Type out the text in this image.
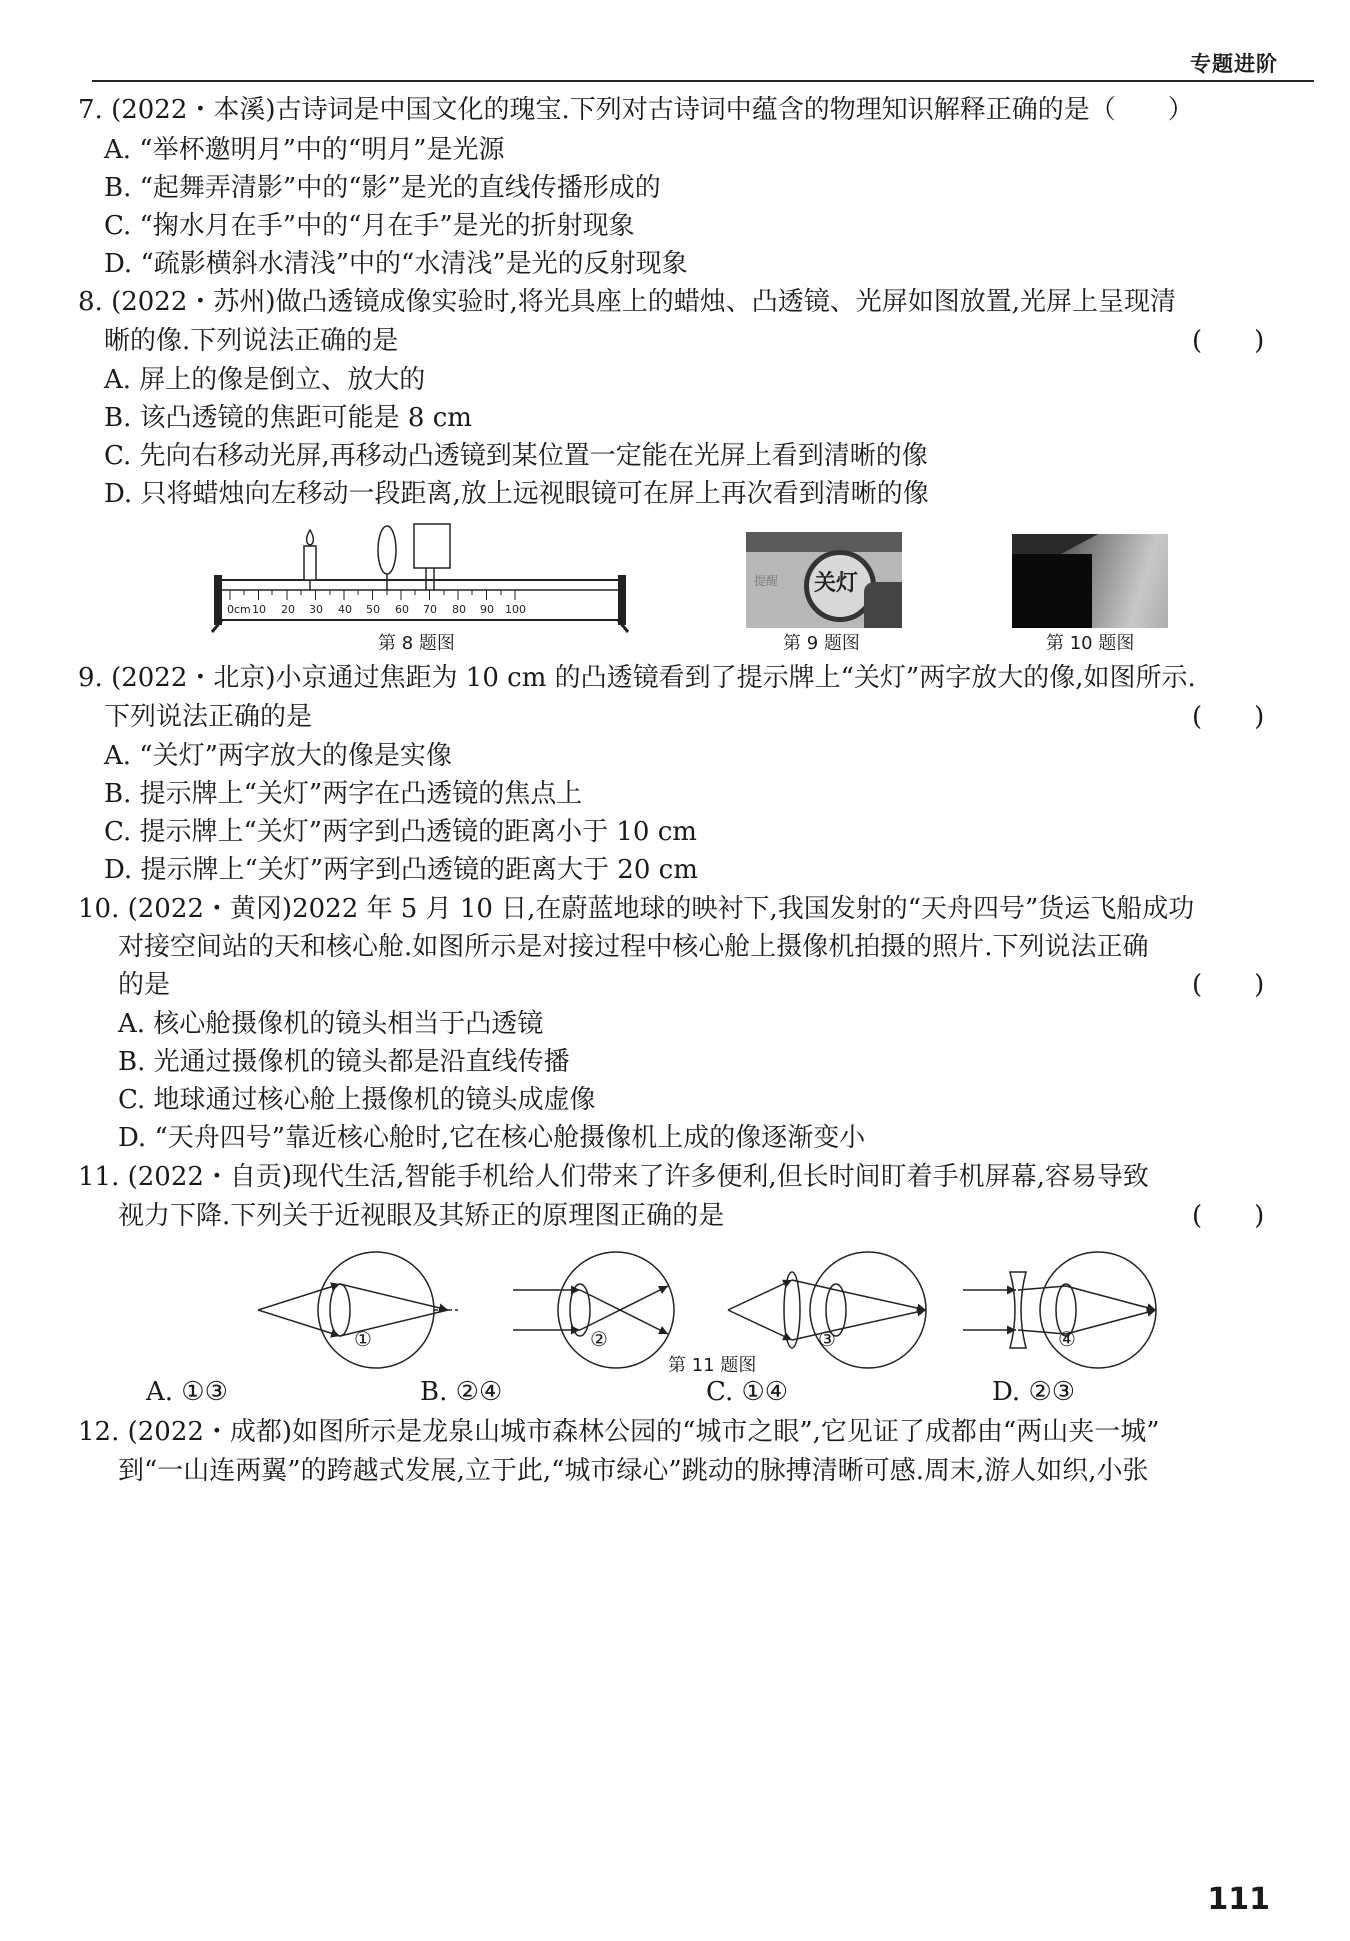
专题进阶
7. (2022・本溪)古诗词是中国文化的瑰宝.下列对古诗词中蕴含的物理知识解释正确的是（　　）
A. “举杯邀明月”中的“明月”是光源
B. “起舞弄清影”中的“影”是光的直线传播形成的
C. “掬水月在手”中的“月在手”是光的折射现象
D. “疏影横斜水清浅”中的“水清浅”是光的反射现象
8. (2022・苏州)做凸透镜成像实验时,将光具座上的蜡烛、凸透镜、光屏如图放置,光屏上呈现清
晰的像.下列说法正确的是	(　　)
A. 屏上的像是倒立、放大的
B. 该凸透镜的焦距可能是 8 cm
C. 先向右移动光屏,再移动凸透镜到某位置一定能在光屏上看到清晰的像
D. 只将蜡烛向左移动一段距离,放上远视眼镜可在屏上再次看到清晰的像
0cm 10 20 30 40 50 60 70 80 90 100
第 8 题图
提醒 关灯
第 9 题图	第 10 题图
9. (2022・北京)小京通过焦距为 10 cm 的凸透镜看到了提示牌上“关灯”两字放大的像,如图所示.
下列说法正确的是	(　　)
A. “关灯”两字放大的像是实像
B. 提示牌上“关灯”两字在凸透镜的焦点上
C. 提示牌上“关灯”两字到凸透镜的距离小于 10 cm
D. 提示牌上“关灯”两字到凸透镜的距离大于 20 cm
10. (2022・黄冈)2022 年 5 月 10 日,在蔚蓝地球的映衬下,我国发射的“天舟四号”货运飞船成功
对接空间站的天和核心舱.如图所示是对接过程中核心舱上摄像机拍摄的照片.下列说法正确
的是	(　　)
A. 核心舱摄像机的镜头相当于凸透镜
B. 光通过摄像机的镜头都是沿直线传播
C. 地球通过核心舱上摄像机的镜头成虚像
D. “天舟四号”靠近核心舱时,它在核心舱摄像机上成的像逐渐变小
11. (2022・自贡)现代生活,智能手机给人们带来了许多便利,但长时间盯着手机屏幕,容易导致
视力下降.下列关于近视眼及其矫正的原理图正确的是	(　　)
①	②	③	④
第 11 题图
A. ①③	B. ②④	C. ①④	D. ②③
12. (2022・成都)如图所示是龙泉山城市森林公园的“城市之眼”,它见证了成都由“两山夹一城”
到“一山连两翼”的跨越式发展,立于此,“城市绿心”跳动的脉搏清晰可感.周末,游人如织,小张
111
